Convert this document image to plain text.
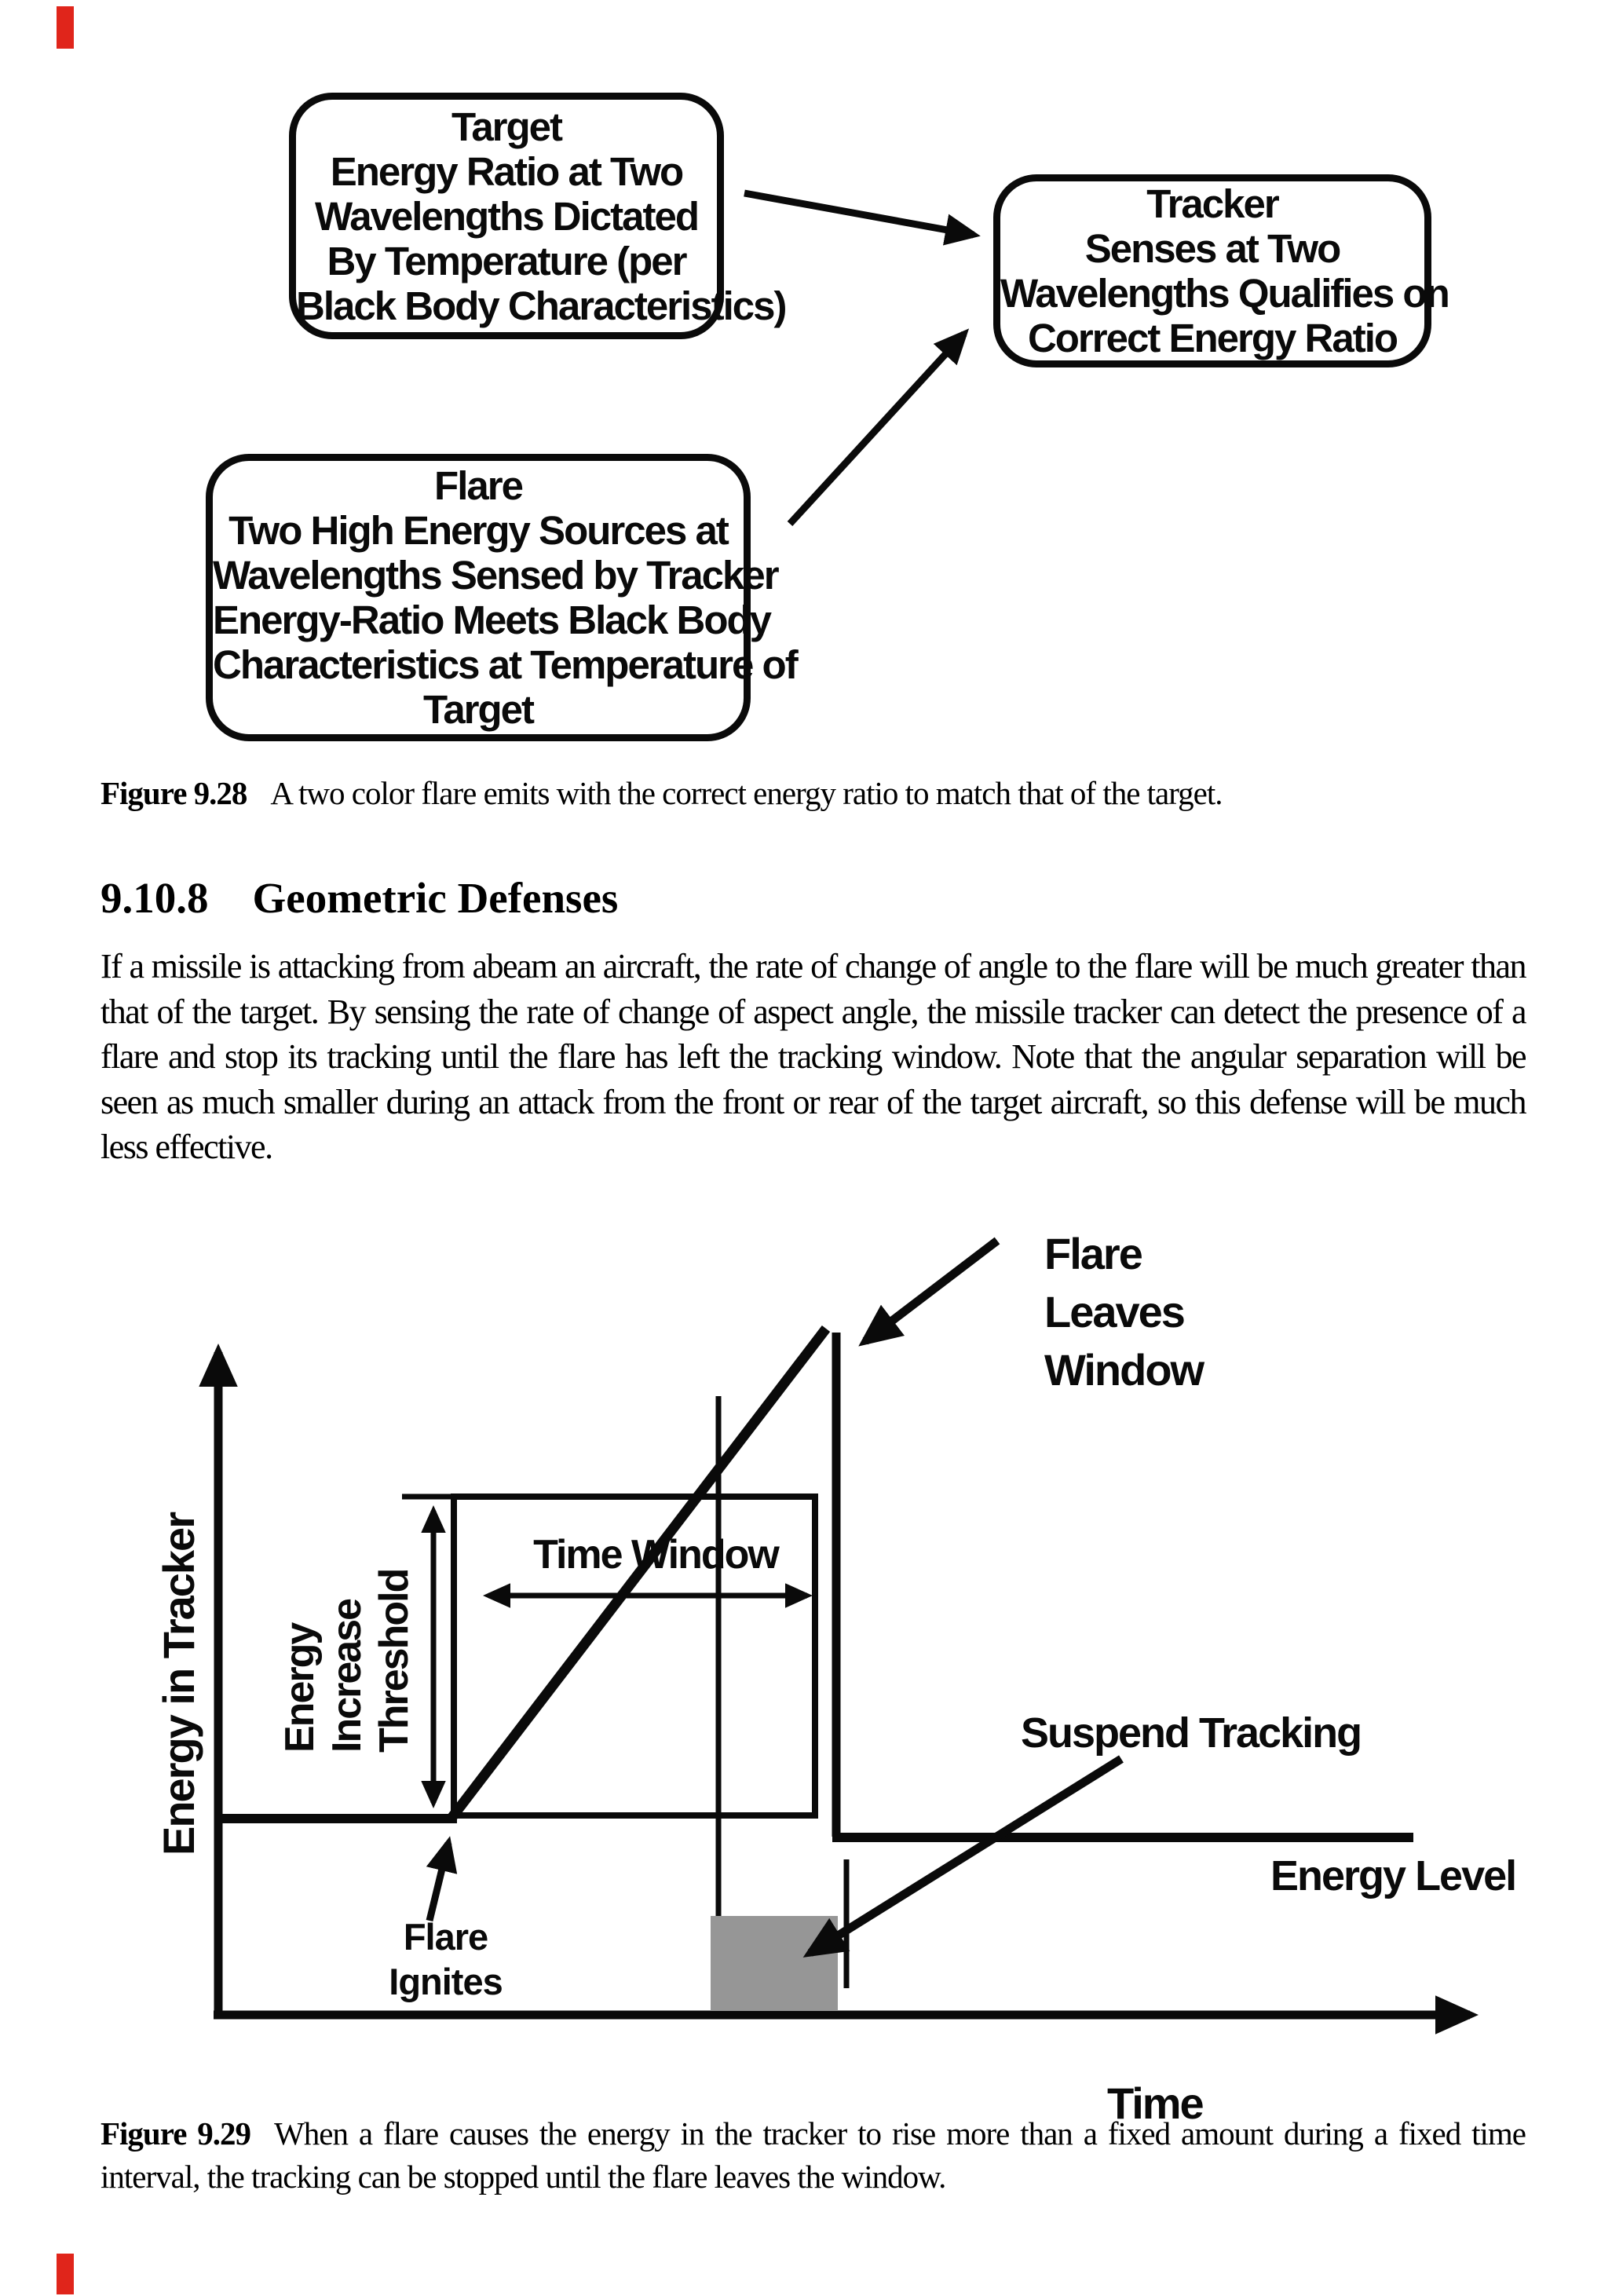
Target
Energy Ratio at Two
Wavelengths Dictated
By Temperature (per
Black Body Characteristics)
Tracker
Senses at Two
Wavelengths Qualifies on
Correct Energy Ratio
Flare
Two High Energy Sources at
Wavelengths Sensed by Tracker
Energy-Ratio Meets Black Body
Characteristics at Temperature of
Target
Figure 9.28 A two color flare emits with the correct energy ratio to match that of the target.
9.10.8 Geometric Defenses
If a missile is attacking from abeam an aircraft, the rate of change of angle to the flare will be much greater than that of the target. By sensing the rate of change of aspect angle, the missile tracker can detect the presence of a flare and stop its tracking until the flare has left the tracking window. Note that the angular separation will be seen as much smaller during an attack from the front or rear of the target aircraft, so this defense will be much less effective.
Energy in Tracker Energy Increase Threshold
Time Window
Flare
Leaves
Window
Suspend Tracking
Energy Level
Flare
Ignites
Time
Figure 9.29 When a flare causes the energy in the tracker to rise more than a fixed amount during a fixed time interval, the tracking can be stopped until the flare leaves the window.
